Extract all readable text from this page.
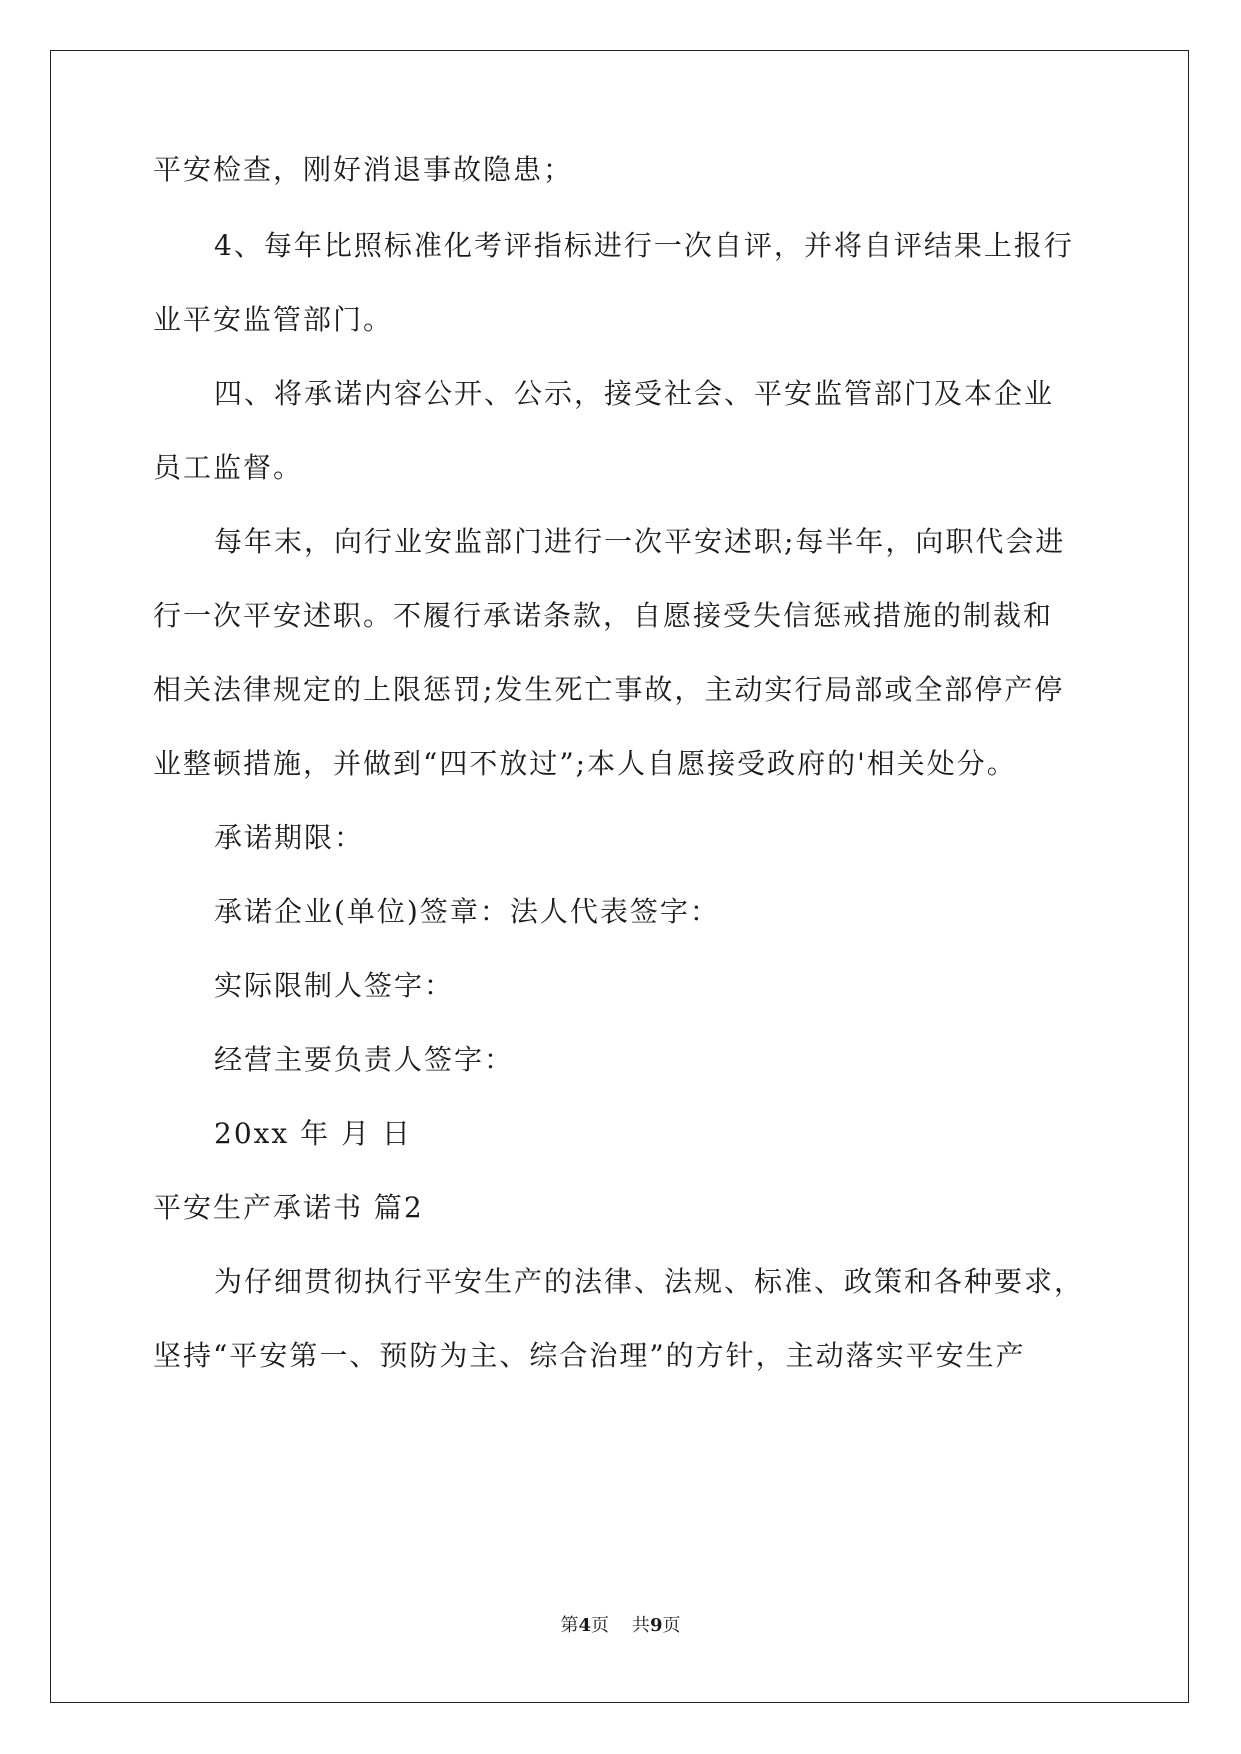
平安检查，刚好消退事故隐患；
4、每年比照标准化考评指标进行一次自评，并将自评结果上报行
业平安监管部门。
四、将承诺内容公开、公示，接受社会、平安监管部门及本企业
员工监督。
每年末，向行业安监部门进行一次平安述职;每半年，向职代会进
行一次平安述职。不履行承诺条款，自愿接受失信惩戒措施的制裁和
相关法律规定的上限惩罚;发生死亡事故，主动实行局部或全部停产停
业整顿措施，并做到“四不放过”;本人自愿接受政府的'相关处分。
承诺期限：
承诺企业(单位)签章：法人代表签字：
实际限制人签字：
经营主要负责人签字：
20xx 年 月 日
平安生产承诺书 篇2
为仔细贯彻执行平安生产的法律、法规、标准、政策和各种要求，
坚持“平安第一、预防为主、综合治理”的方针，主动落实平安生产
第4页    共9页
